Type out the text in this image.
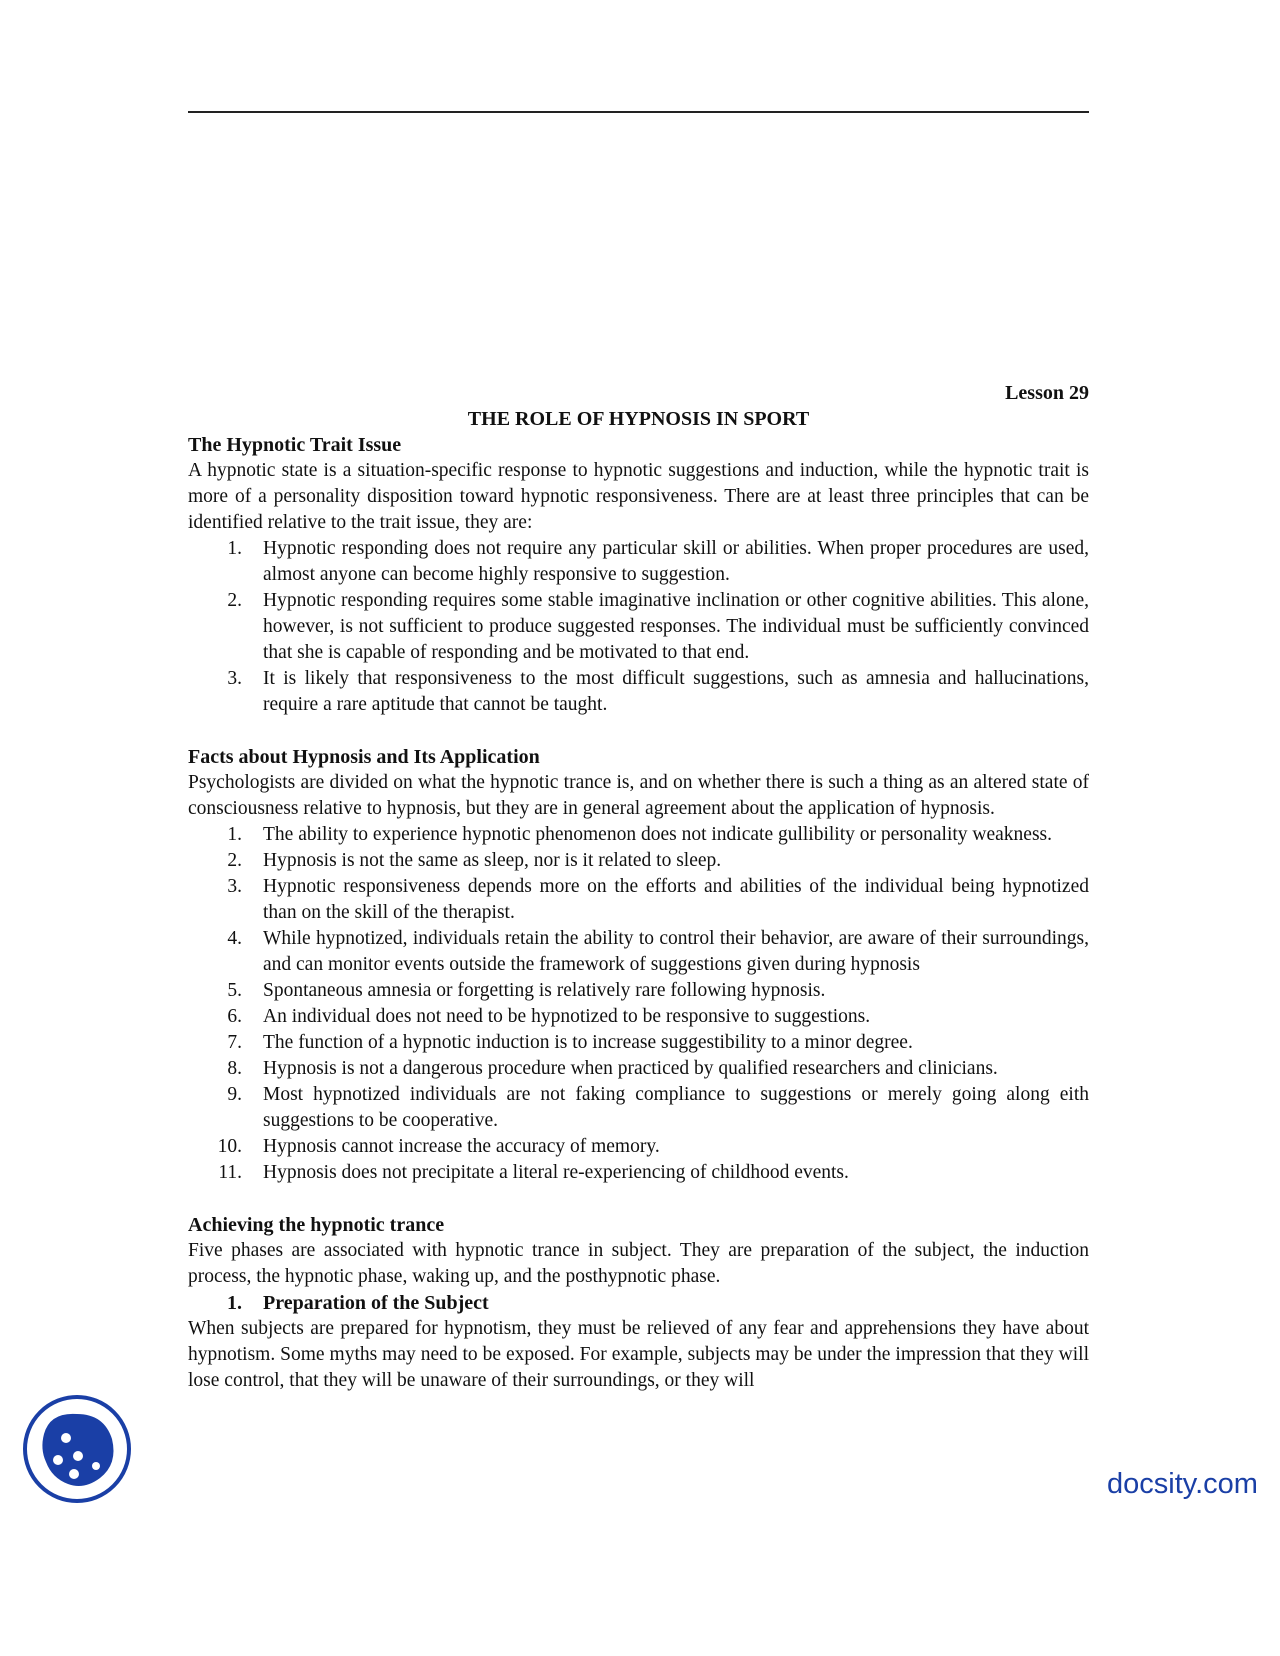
Lesson 29
THE ROLE OF HYPNOSIS IN SPORT
The Hypnotic Trait Issue
A hypnotic state is a situation-specific response to hypnotic suggestions and induction, while the hypnotic trait is more of a personality disposition toward hypnotic responsiveness. There are at least three principles that can be identified relative to the trait issue, they are:
1. Hypnotic responding does not require any particular skill or abilities. When proper procedures are used, almost anyone can become highly responsive to suggestion.
2. Hypnotic responding requires some stable imaginative inclination or other cognitive abilities. This alone, however, is not sufficient to produce suggested responses. The individual must be sufficiently convinced that she is capable of responding and be motivated to that end.
3. It is likely that responsiveness to the most difficult suggestions, such as amnesia and hallucinations, require a rare aptitude that cannot be taught.
Facts about Hypnosis and Its Application
Psychologists are divided on what the hypnotic trance is, and on whether there is such a thing as an altered state of consciousness relative to hypnosis, but they are in general agreement about the application of hypnosis.
1. The ability to experience hypnotic phenomenon does not indicate gullibility or personality weakness.
2. Hypnosis is not the same as sleep, nor is it related to sleep.
3. Hypnotic responsiveness depends more on the efforts and abilities of the individual being hypnotized than on the skill of the therapist.
4. While hypnotized, individuals retain the ability to control their behavior, are aware of their surroundings, and can monitor events outside the framework of suggestions given during hypnosis
5. Spontaneous amnesia or forgetting is relatively rare following hypnosis.
6. An individual does not need to be hypnotized to be responsive to suggestions.
7. The function of a hypnotic induction is to increase suggestibility to a minor degree.
8. Hypnosis is not a dangerous procedure when practiced by qualified researchers and clinicians.
9. Most hypnotized individuals are not faking compliance to suggestions or merely going along eith suggestions to be cooperative.
10. Hypnosis cannot increase the accuracy of memory.
11. Hypnosis does not precipitate a literal re-experiencing of childhood events.
Achieving the hypnotic trance
Five phases are associated with hypnotic trance in subject. They are preparation of the subject, the induction process, the hypnotic phase, waking up, and the posthypnotic phase.
1. Preparation of the Subject
When subjects are prepared for hypnotism, they must be relieved of any fear and apprehensions they have about hypnotism. Some myths may need to be exposed. For example, subjects may be under the impression that they will lose control, that they will be unaware of their surroundings, or they will
docsity.com
